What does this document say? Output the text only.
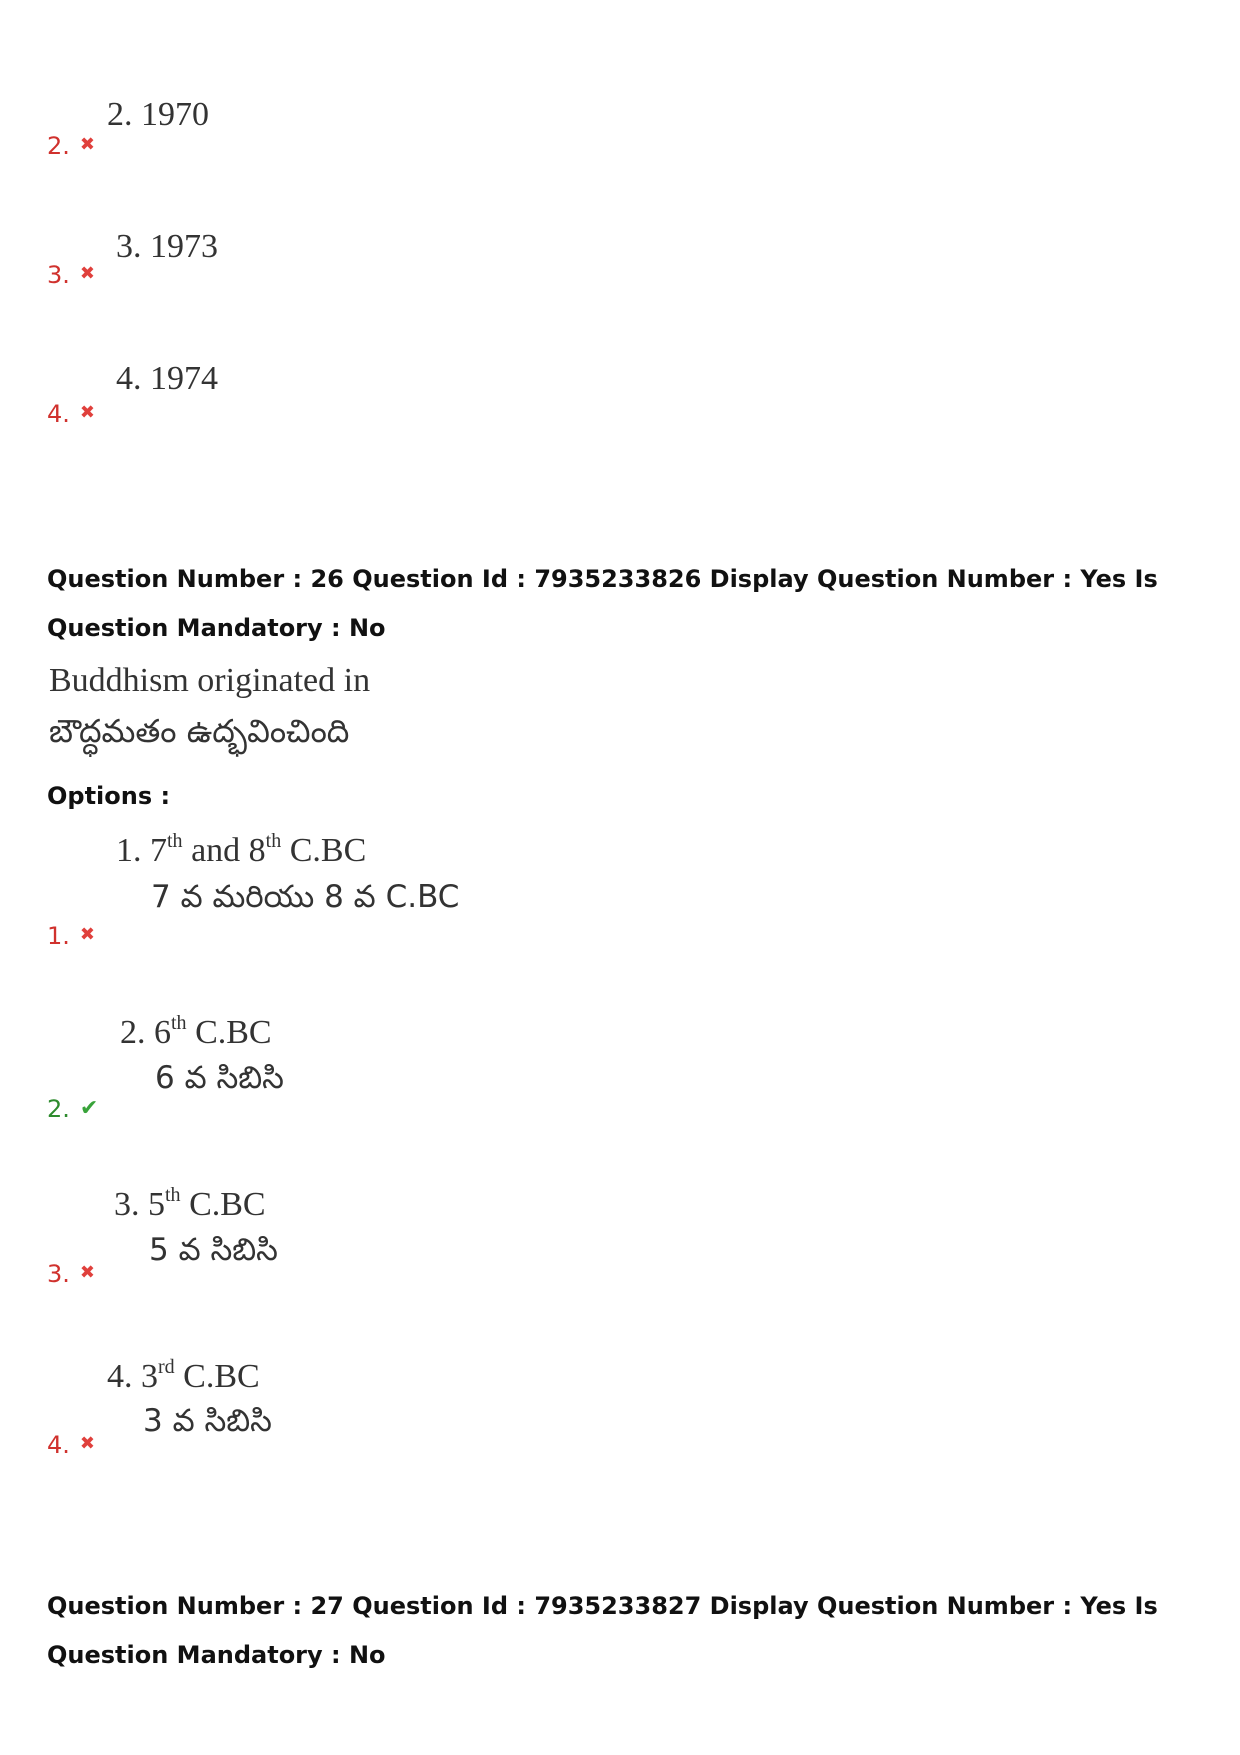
2. 1970
2. ✖
3. 1973
3. ✖
4. 1974
4. ✖
Question Number : 26 Question Id : 7935233826 Display Question Number : Yes Is Question Mandatory : No
Buddhism originated in
బౌద్ధమతం ఉద్భవించింది
Options :
1. 7th and 8th C.BC
7 వ మరియు 8 వ C.BC
1. ✖
2. 6th C.BC
6 వ సిబిసి
2. ✔
3. 5th C.BC
5 వ సిబిసి
3. ✖
4. 3rd C.BC
3 వ సిబిసి
4. ✖
Question Number : 27 Question Id : 7935233827 Display Question Number : Yes Is Question Mandatory : No
